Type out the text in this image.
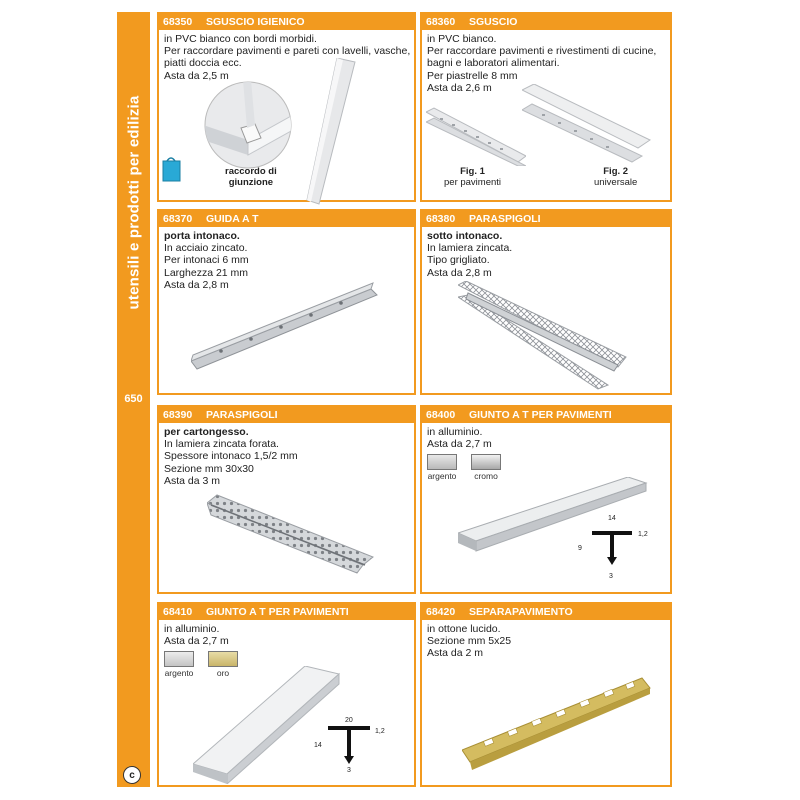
utensili e prodotti per edilizia
650
c
68350	SGUSCIO IGIENICO
in PVC bianco con bordi morbidi.
Per raccordare pavimenti e pareti con lavelli, vasche,
piatti doccia ecc.
Asta da 2,5 m
raccordo di
giunzione
68360	SGUSCIO
in PVC bianco.
Per raccordare pavimenti e rivestimenti di cucine,
bagni e laboratori alimentari.
Per piastrelle 8 mm
Asta da 2,6 m
Fig. 1
per pavimenti
Fig. 2
universale
68370	GUIDA A T
porta intonaco.
In acciaio zincato.
Per intonaci 6 mm
Larghezza 21 mm
Asta da 2,8 m
68380	PARASPIGOLI
sotto intonaco.
In lamiera zincata.
Tipo grigliato.
Asta da 2,8 m
68390	PARASPIGOLI
per cartongesso.
In lamiera zincata forata.
Spessore intonaco 1,5/2 mm
Sezione mm 30x30
Asta da 3 m
68400	GIUNTO A T PER PAVIMENTI
in alluminio.
Asta da 2,7 m
argento cromo
14
1,2
9
3
68410	GIUNTO A T PER PAVIMENTI
in alluminio.
Asta da 2,7 m
argento	oro
20
1,2
14
3
68420	SEPARAPAVIMENTO
in ottone lucido.
Sezione mm 5x25
Asta da 2 m
